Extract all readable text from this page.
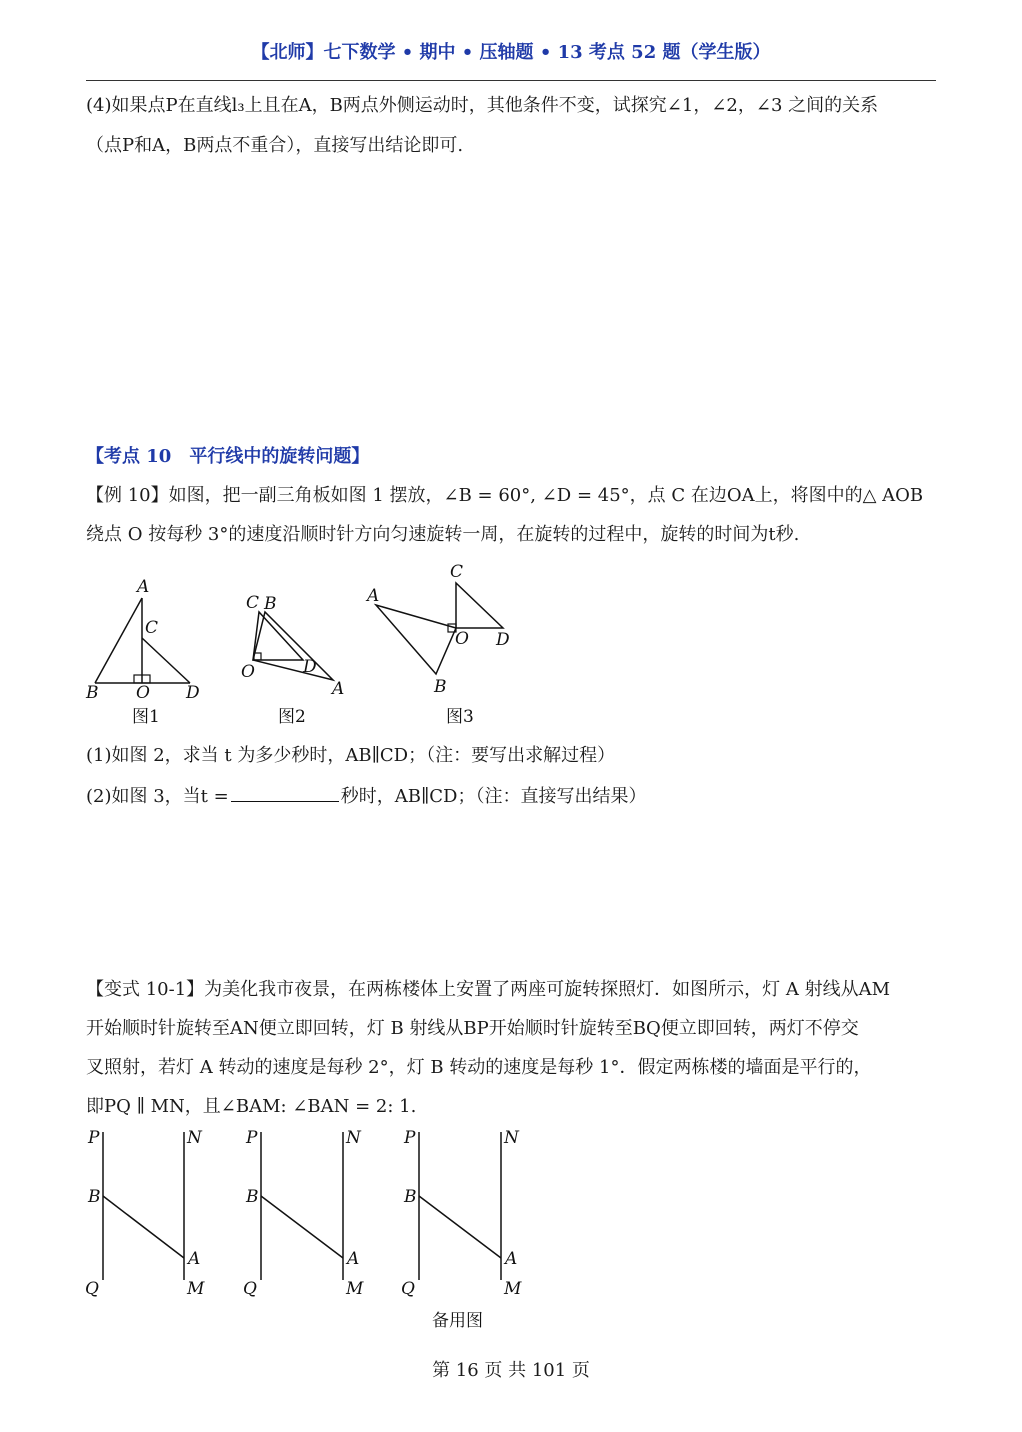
【北师】七下数学 • 期中 • 压轴题 • 13 考点 52 题（学生版）
(4)如果点P在直线l₃上且在A，B两点外侧运动时，其他条件不变，试探究∠1，∠2，∠3 之间的关系
（点P和A，B两点不重合），直接写出结论即可.
【考点 10　平行线中的旋转问题】
【例 10】如图，把一副三角板如图 1 摆放，∠B = 60°, ∠D = 45°，点 C 在边OA上，将图中的△ AOB
绕点 O 按每秒 3°的速度沿顺时针方向匀速旋转一周，在旋转的过程中，旋转的时间为t秒.
A
C
B O D
图1
C B
O	D
A
图2
A
C
O D
B
图3
P	N
B
A
Q	M
P	N
B
A
Q	M
P	N
B
A
Q	M
备用图
(1)如图 2，求当 t 为多少秒时，AB∥CD；（注：要写出求解过程）
(2)如图 3，当t =	秒时，AB∥CD；（注：直接写出结果）
【变式 10-1】为美化我市夜景，在两栋楼体上安置了两座可旋转探照灯．如图所示，灯 A 射线从AM
开始顺时针旋转至AN便立即回转，灯 B 射线从BP开始顺时针旋转至BQ便立即回转，两灯不停交
叉照射，若灯 A 转动的速度是每秒 2°，灯 B 转动的速度是每秒 1°．假定两栋楼的墙面是平行的，
即PQ ∥ MN，且∠BAM: ∠BAN = 2: 1.
第 16 页 共 101 页
